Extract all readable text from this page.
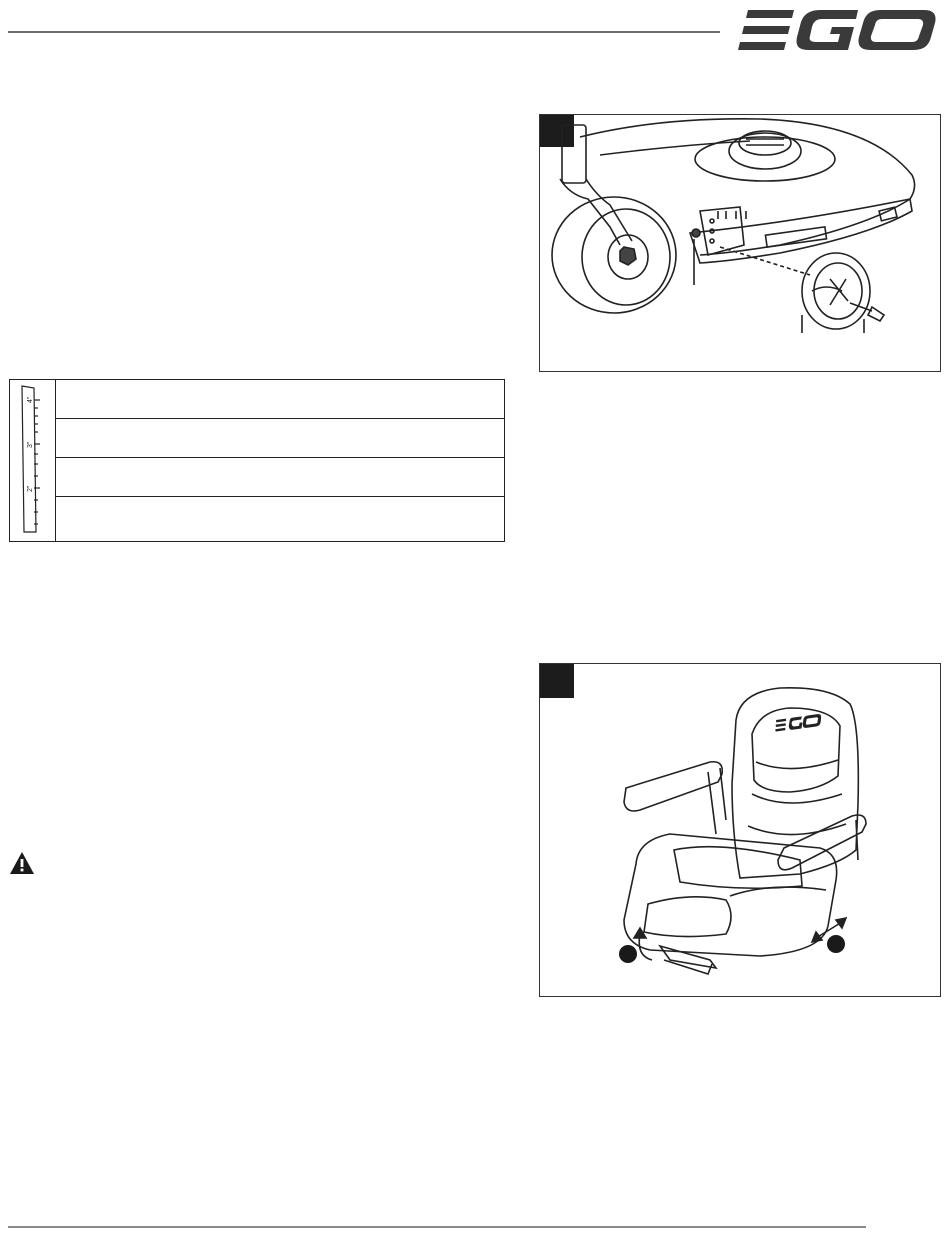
4"
3"
2"
